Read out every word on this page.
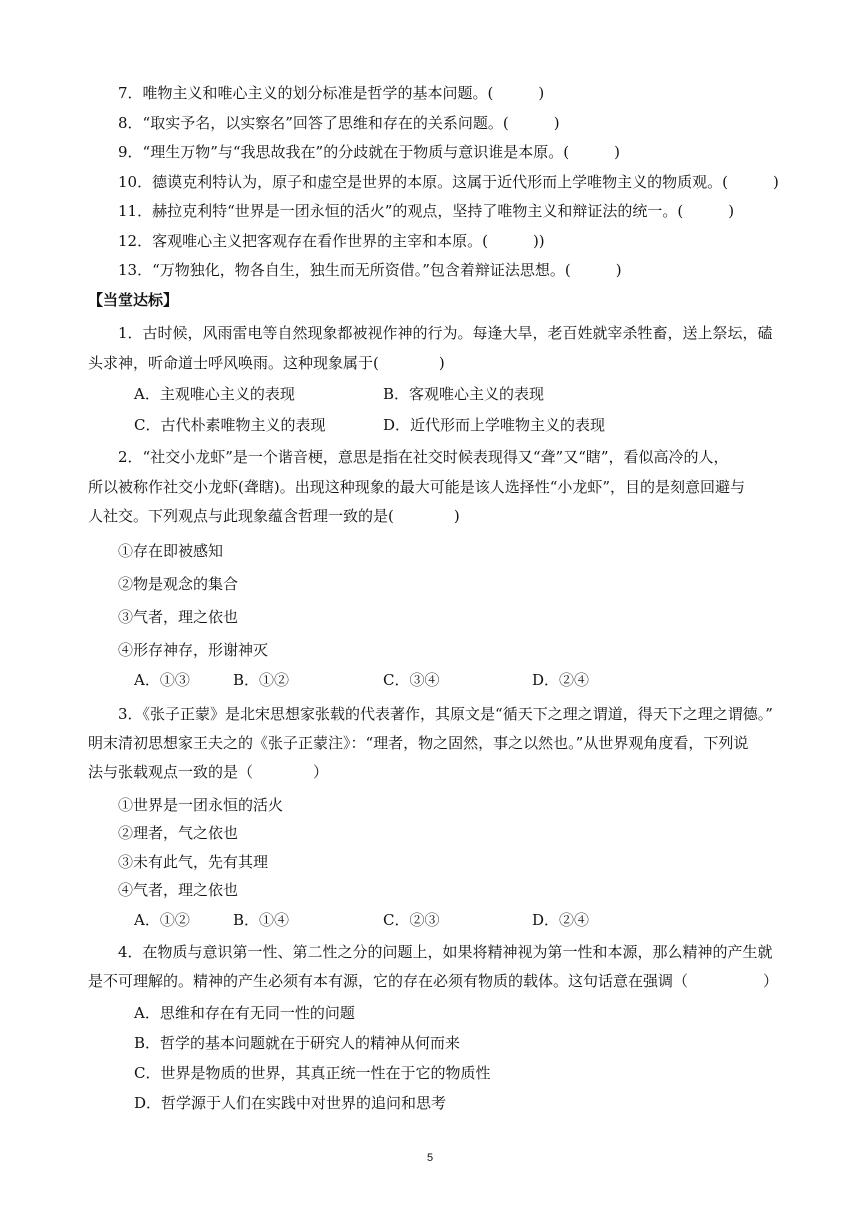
7．唯物主义和唯心主义的划分标准是哲学的基本问题。(　　　)
8．“取实予名，以实察名”回答了思维和存在的关系问题。(　　　)
9．“理生万物”与“我思故我在”的分歧就在于物质与意识谁是本原。(　　　)
10．德谟克利特认为，原子和虚空是世界的本原。这属于近代形而上学唯物主义的物质观。(　　　)
11．赫拉克利特“世界是一团永恒的活火”的观点，坚持了唯物主义和辩证法的统一。(　　　)
12．客观唯心主义把客观存在看作世界的主宰和本原。(　　　))
13．“万物独化，物各自生，独生而无所资借。”包含着辩证法思想。(　　　)
【当堂达标】
1．古时候，风雨雷电等自然现象都被视作神的行为。每逢大旱，老百姓就宰杀牲畜，送上祭坛，磕
头求神，听命道士呼风唤雨。这种现象属于(　　　　)
A．主观唯心主义的表现	B．客观唯心主义的表现
C．古代朴素唯物主义的表现	D．近代形而上学唯物主义的表现
2．“社交小龙虾”是一个谐音梗，意思是指在社交时候表现得又“聋”又“瞎”，看似高冷的人，
所以被称作社交小龙虾(聋瞎)。出现这种现象的最大可能是该人选择性“小龙虾”，目的是刻意回避与
人社交。下列观点与此现象蕴含哲理一致的是(　　　　)
①存在即被感知
②物是观念的集合
③气者，理之依也
④形存神存，形谢神灭
A．①③	B．①②	C．③④	D．②④
3．《张子正蒙》是北宋思想家张载的代表著作，其原文是“循天下之理之谓道，得天下之理之谓德。”
明末清初思想家王夫之的《张子正蒙注》：“理者，物之固然，事之以然也。”从世界观角度看，下列说
法与张载观点一致的是（　　　　）
①世界是一团永恒的活火
②理者，气之依也
③未有此气，先有其理
④气者，理之依也
A．①②	B．①④	C．②③	D．②④
4．在物质与意识第一性、第二性之分的问题上，如果将精神视为第一性和本源，那么精神的产生就
是不可理解的。精神的产生必须有本有源，它的存在必须有物质的载体。这句话意在强调（　　　　　）
A．思维和存在有无同一性的问题
B．哲学的基本问题就在于研究人的精神从何而来
C．世界是物质的世界，其真正统一性在于它的物质性
D．哲学源于人们在实践中对世界的追问和思考
5
